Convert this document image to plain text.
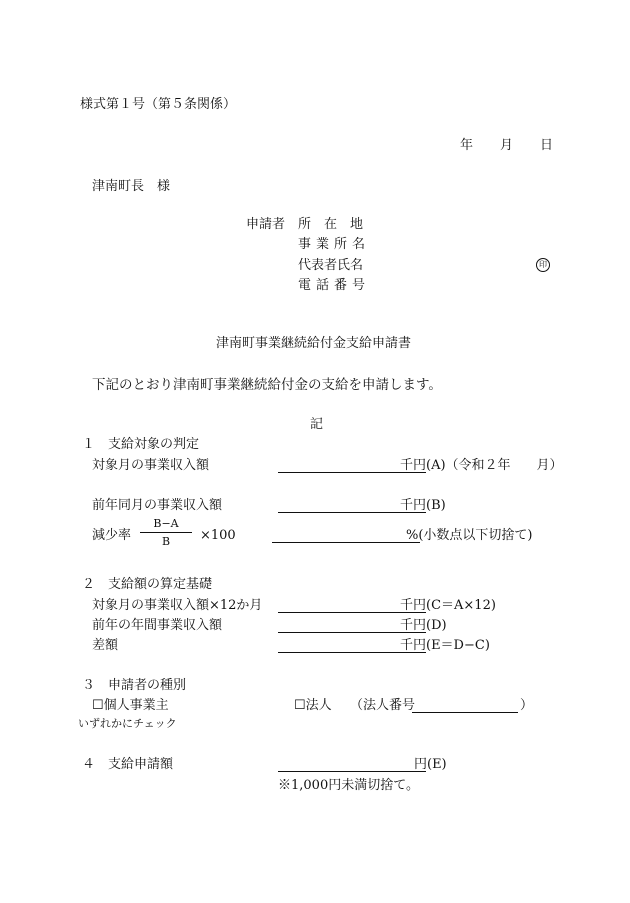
様式第１号（第５条関係）
年 月 日
津南町長　様
申請者 所　在　地
事業所名
代表者氏名	印
電話番号
津南町事業継続給付金支給申請書
下記のとおり津南町事業継続給付金の支給を申請します。
記
１　支給対象の判定
対象月の事業収入額	千円(A)（令和２年　　月）
前年同月の事業収入額	千円(B)
減少率
B−A
B	×100	%(小数点以下切捨て)
２　支給額の算定基礎
対象月の事業収入額×12か月	千円(C＝A×12)
前年の年間事業収入額	千円(D)
差額	千円(E＝D−C)
３　申請者の種別
☐個人事業主	☐法人 （法人番号	）
いずれかにチェック
４　支給申請額	円(E)
※1,000円未満切捨て。
